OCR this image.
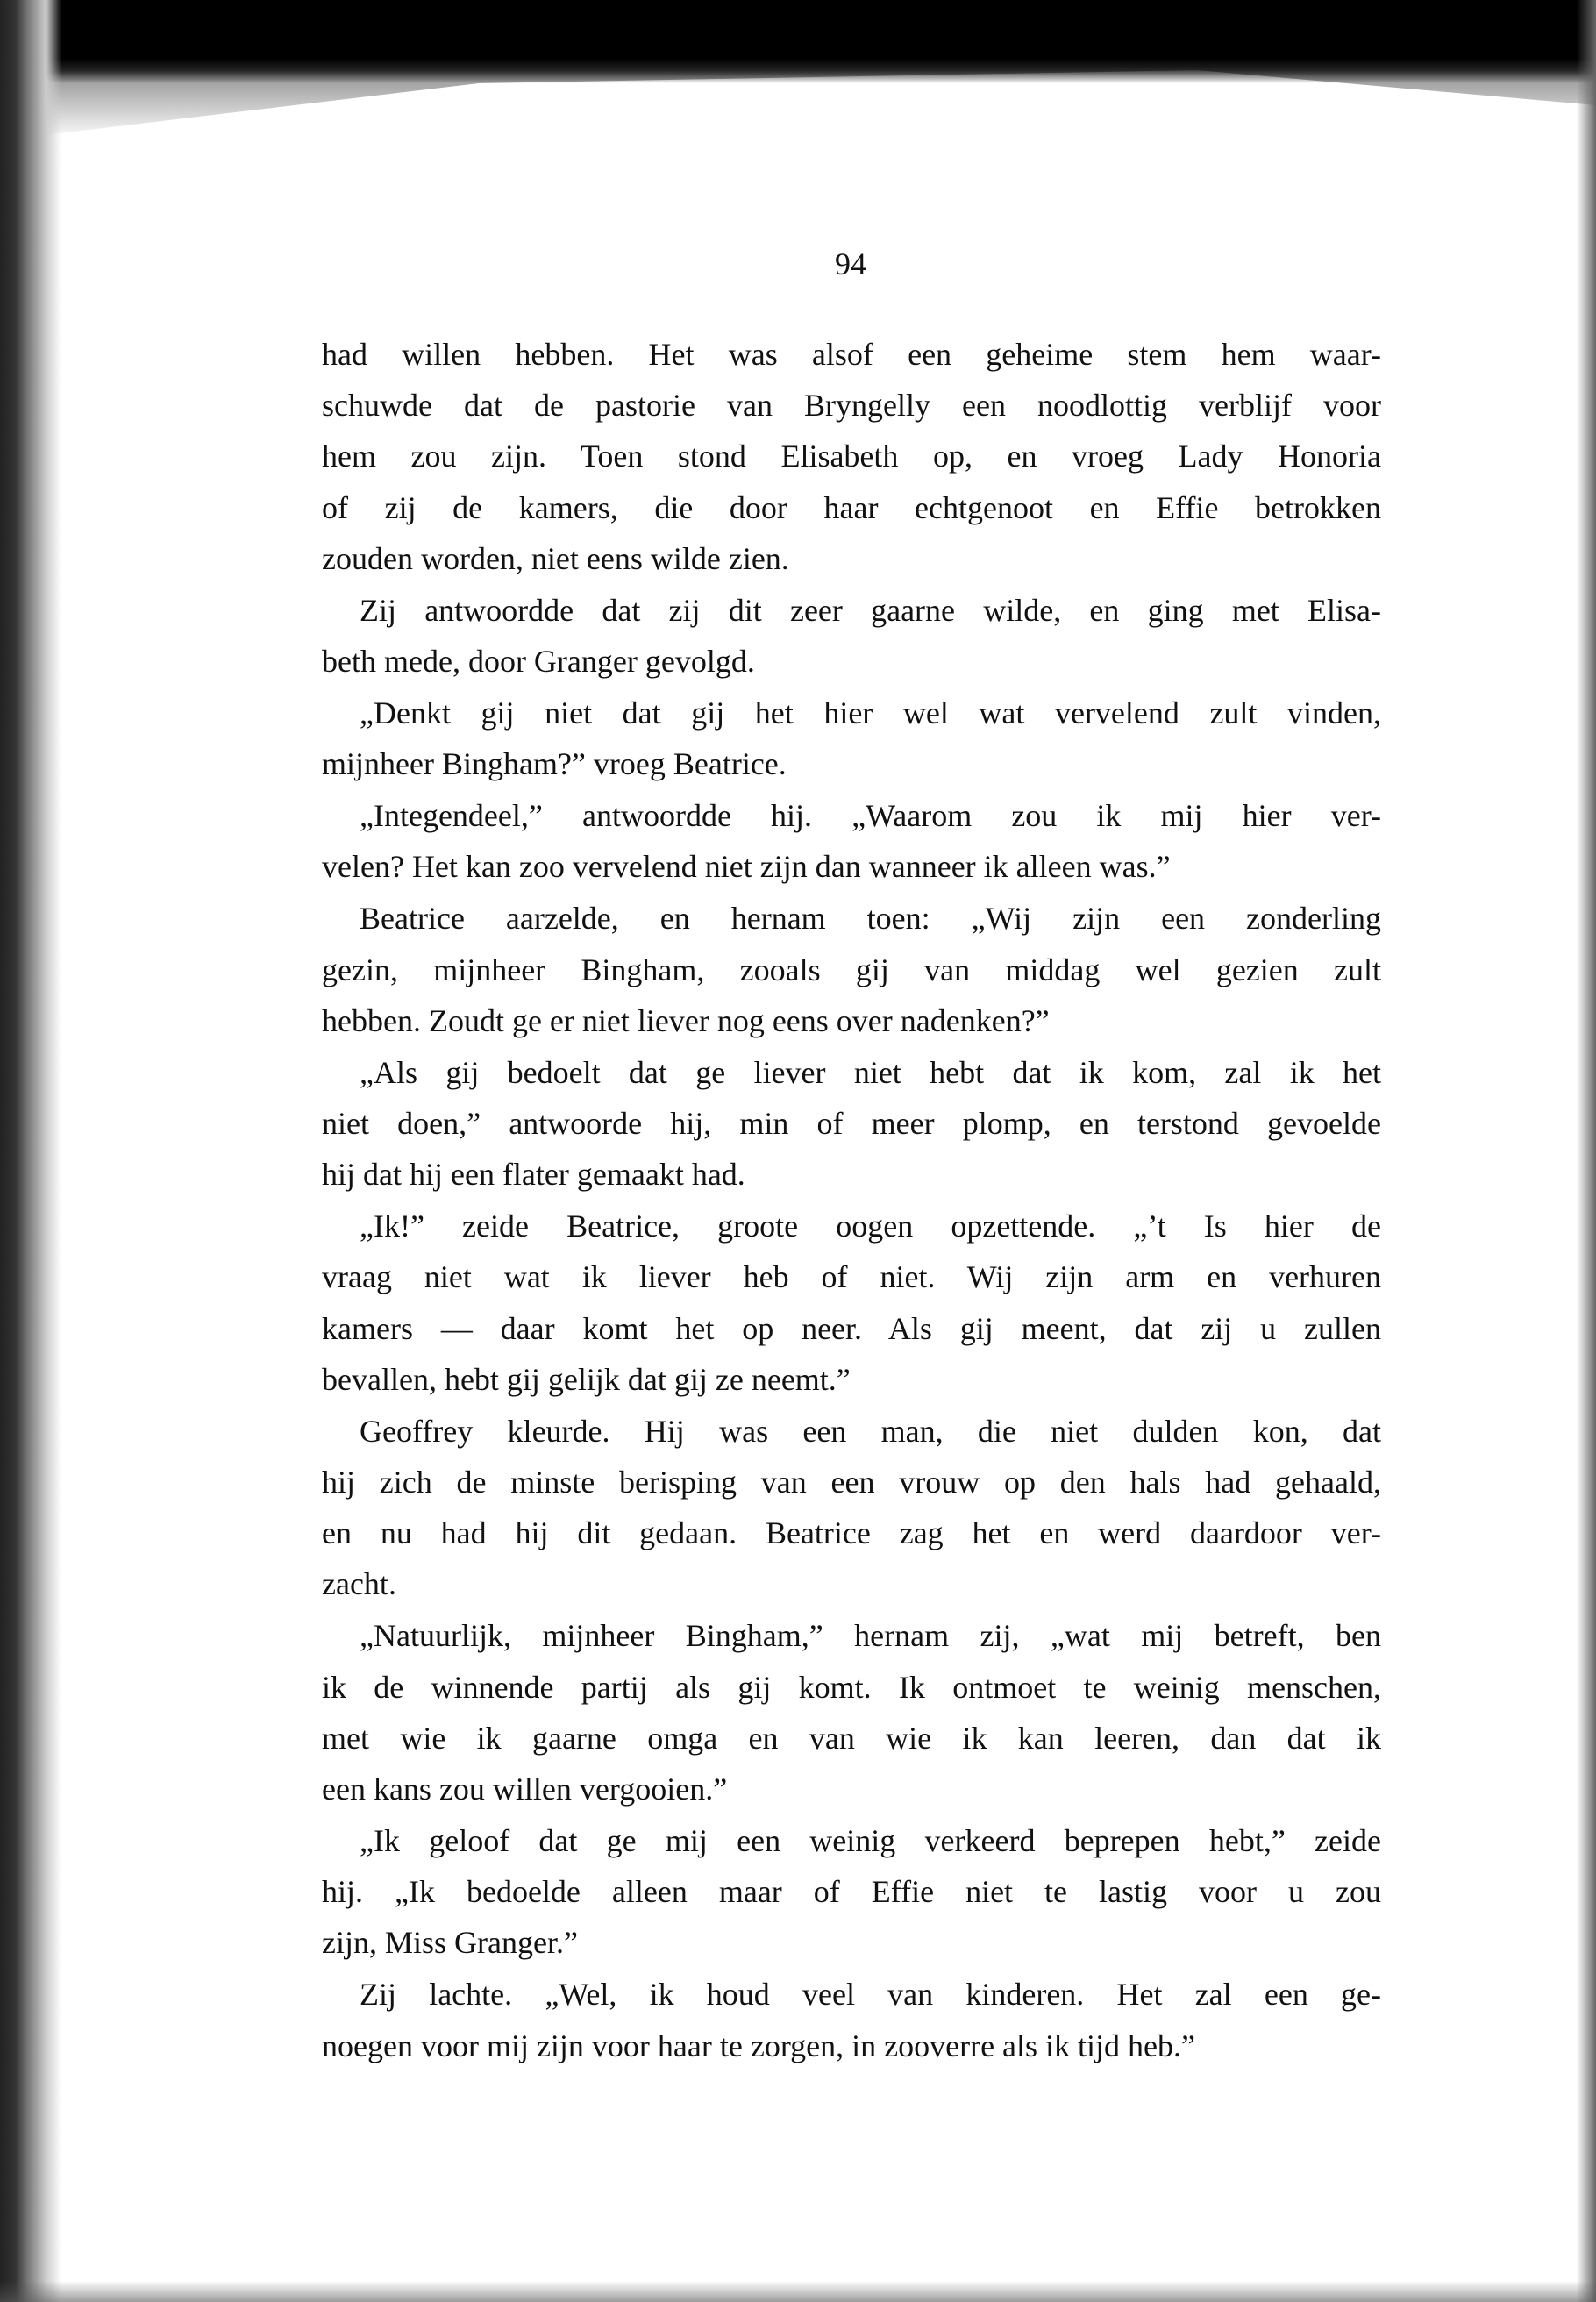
94
had willen hebben. Het was alsof een geheime stem hem waar-
schuwde dat de pastorie van Bryngelly een noodlottig verblijf voor
hem zou zijn. Toen stond Elisabeth op, en vroeg Lady Honoria
of zij de kamers, die door haar echtgenoot en Effie betrokken
zouden worden, niet eens wilde zien.
Zij antwoordde dat zij dit zeer gaarne wilde, en ging met Elisa-
beth mede, door Granger gevolgd.
„Denkt gij niet dat gij het hier wel wat vervelend zult vinden,
mijnheer Bingham?” vroeg Beatrice.
„Integendeel,” antwoordde hij. „Waarom zou ik mij hier ver-
velen? Het kan zoo vervelend niet zijn dan wanneer ik alleen was.”
Beatrice aarzelde, en hernam toen: „Wij zijn een zonderling
gezin, mijnheer Bingham, zooals gij van middag wel gezien zult
hebben. Zoudt ge er niet liever nog eens over nadenken?”
„Als gij bedoelt dat ge liever niet hebt dat ik kom, zal ik het
niet doen,” antwoorde hij, min of meer plomp, en terstond gevoelde
hij dat hij een flater gemaakt had.
„Ik!” zeide Beatrice, groote oogen opzettende. „’t Is hier de
vraag niet wat ik liever heb of niet. Wij zijn arm en verhuren
kamers — daar komt het op neer. Als gij meent, dat zij u zullen
bevallen, hebt gij gelijk dat gij ze neemt.”
Geoffrey kleurde. Hij was een man, die niet dulden kon, dat
hij zich de minste berisping van een vrouw op den hals had gehaald,
en nu had hij dit gedaan. Beatrice zag het en werd daardoor ver-
zacht.
„Natuurlijk, mijnheer Bingham,” hernam zij, „wat mij betreft, ben
ik de winnende partij als gij komt. Ik ontmoet te weinig menschen,
met wie ik gaarne omga en van wie ik kan leeren, dan dat ik
een kans zou willen vergooien.”
„Ik geloof dat ge mij een weinig verkeerd beprepen hebt,” zeide
hij. „Ik bedoelde alleen maar of Effie niet te lastig voor u zou
zijn, Miss Granger.”
Zij lachte. „Wel, ik houd veel van kinderen. Het zal een ge-
noegen voor mij zijn voor haar te zorgen, in zooverre als ik tijd heb.”
